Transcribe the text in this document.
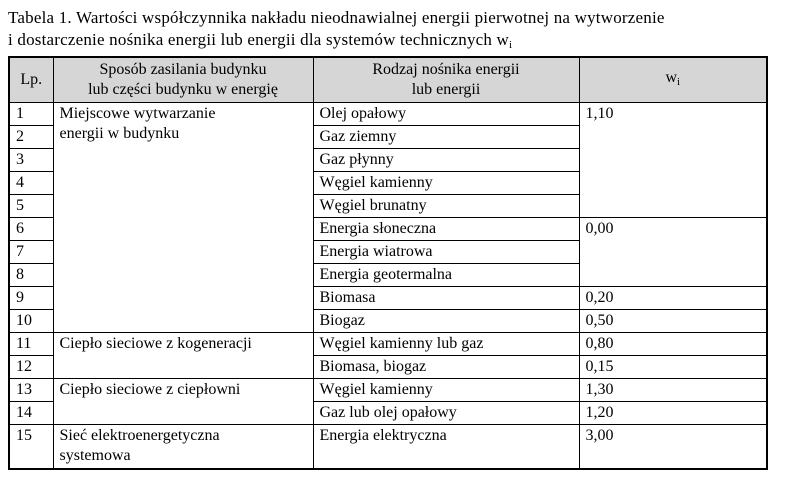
Tabela 1. Wartości współczynnika nakładu nieodnawialnej energii pierwotnej na wytworzenie
i dostarczenie nośnika energii lub energii dla systemów technicznych $w_i$
Lp.	Sposób zasilania budynku
lub części budynku w energię	Rodzaj nośnika energii
lub energii	$w_i$
1	Miejscowe wytwarzanie
energii w budynku	Olej opałowy	1,10
2		Gaz ziemny	
3		Gaz płynny	
4		Węgiel kamienny	
5		Węgiel brunatny	
6		Energia słoneczna	0,00
7		Energia wiatrowa	
8		Energia geotermalna	
9		Biomasa	0,20
10		Biogaz	0,50
11	Ciepło sieciowe z kogeneracji	Węgiel kamienny lub gaz	0,80
12		Biomasa, biogaz	0,15
13	Ciepło sieciowe z ciepłowni	Węgiel kamienny	1,30
14		Gaz lub olej opałowy	1,20
15	Sieć elektroenergetyczna
systemowa	Energia elektryczna	3,00
